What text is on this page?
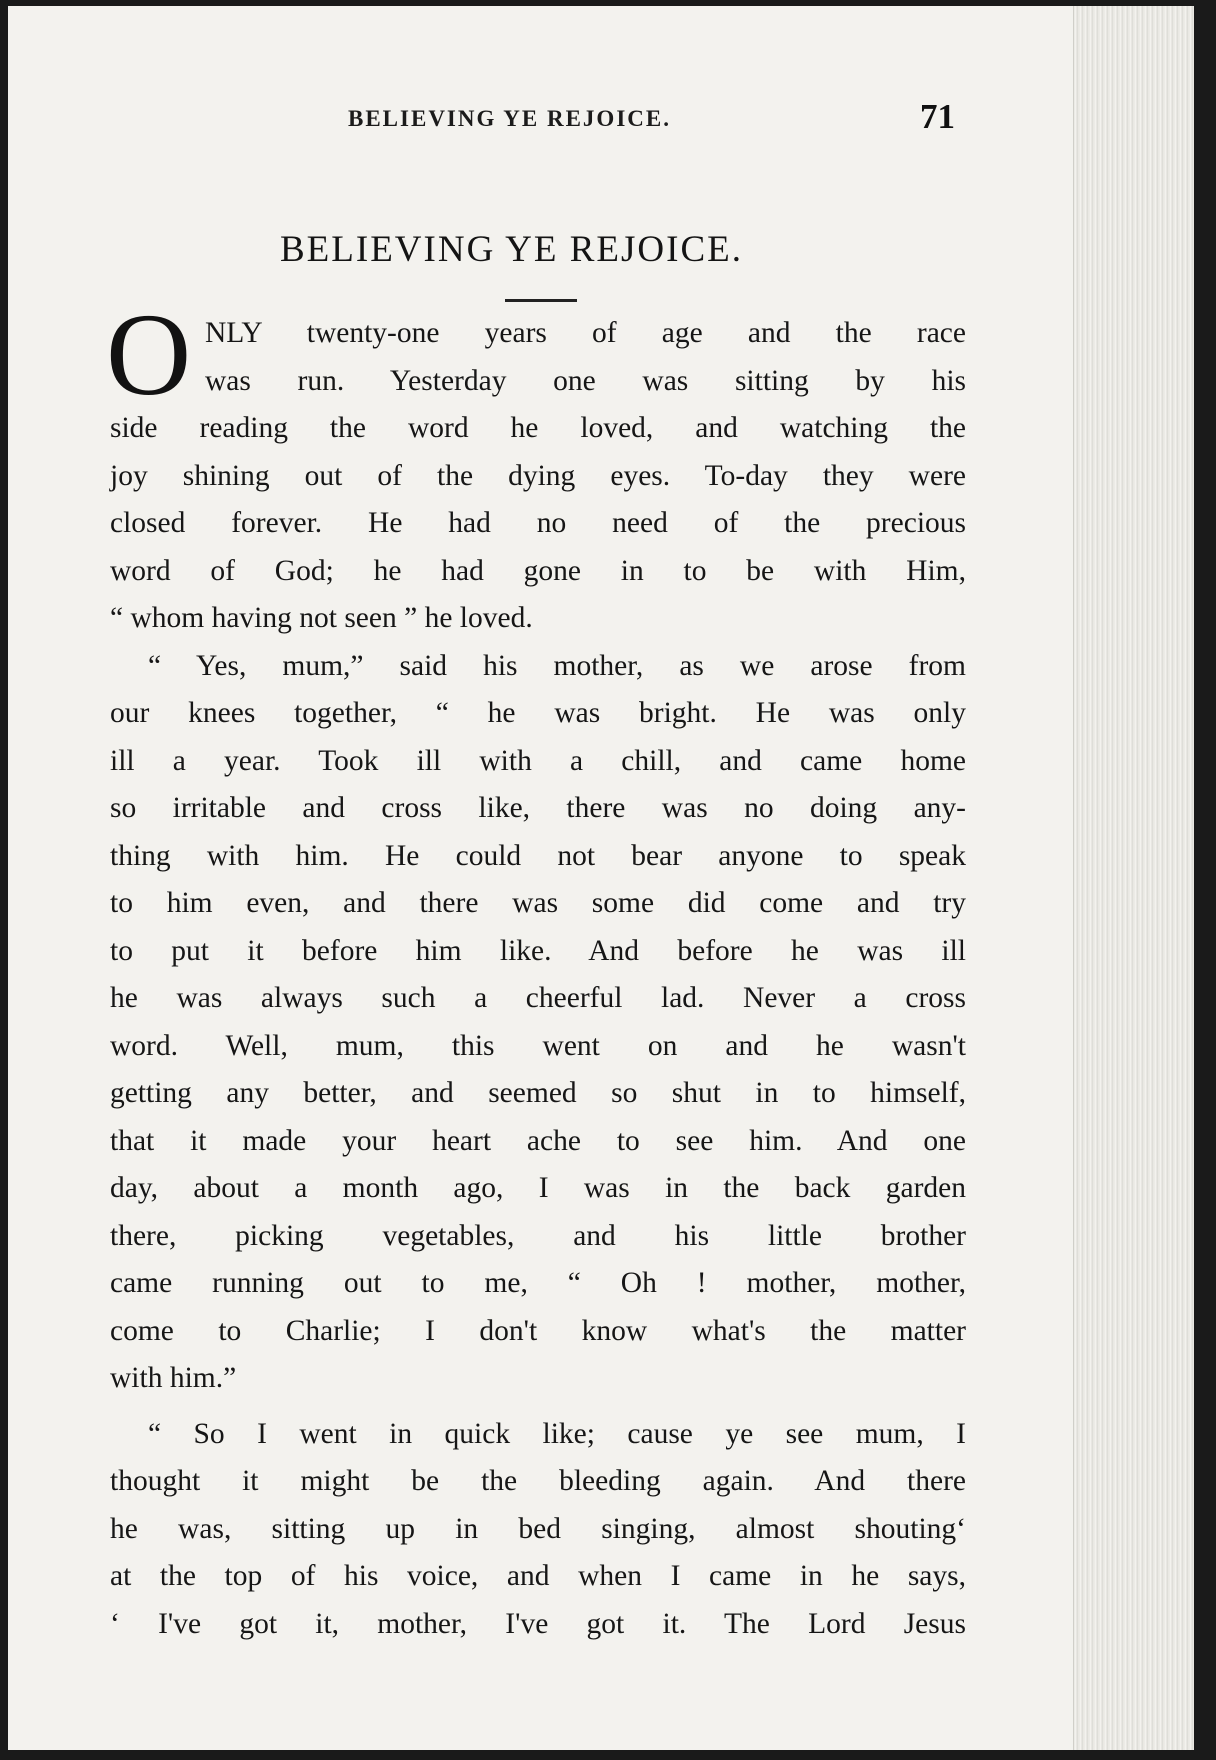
BELIEVING YE REJOICE.	71
BELIEVING YE REJOICE.
O NLY twenty-one years of age and the race
was run. Yesterday one was sitting by his
side reading the word he loved, and watching the
joy shining out of the dying eyes. To-day they were
closed forever. He had no need of the precious
word of God; he had gone in to be with Him,
“ whom having not seen ” he loved.
“ Yes, mum,” said his mother, as we arose from
our knees together, “ he was bright. He was only
ill a year. Took ill with a chill, and came home
so irritable and cross like, there was no doing any-
thing with him. He could not bear anyone to speak
to him even, and there was some did come and try
to put it before him like. And before he was ill
he was always such a cheerful lad. Never a cross
word. Well, mum, this went on and he wasn't
getting any better, and seemed so shut in to himself,
that it made your heart ache to see him. And one
day, about a month ago, I was in the back garden
there, picking vegetables, and his little brother
came running out to me, “ Oh ! mother, mother,
come to Charlie; I don't know what's the matter
with him.”
“ So I went in quick like; cause ye see mum, I
thought it might be the bleeding again. And there
he was, sitting up in bed singing, almost shouting‘
at the top of his voice, and when I came in he says,
‘ I've got it, mother, I've got it. The Lord Jesus
